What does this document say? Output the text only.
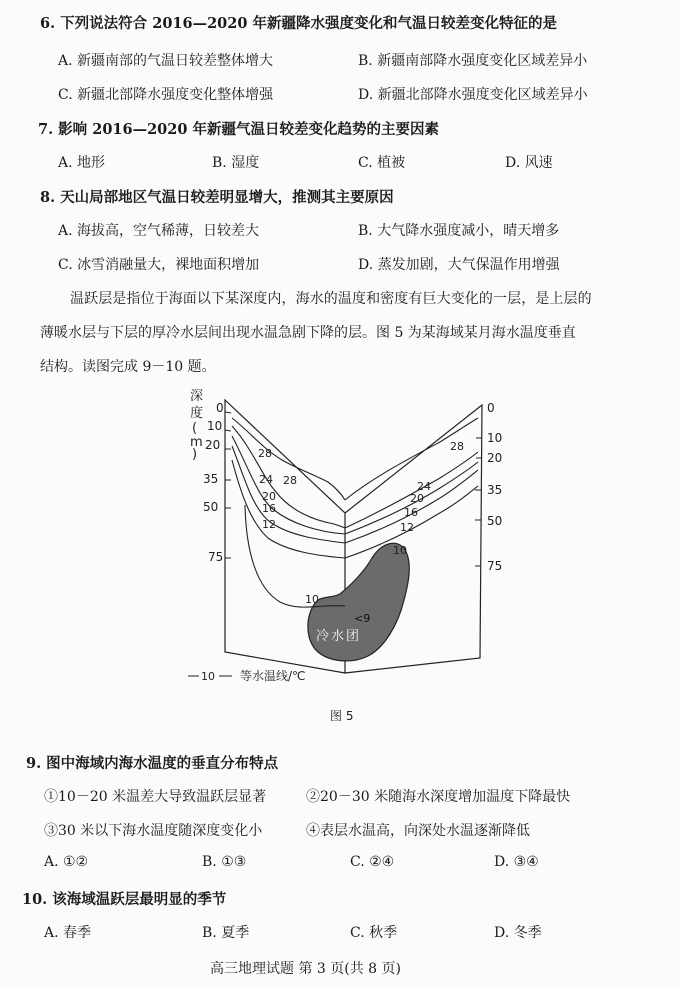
6. 下列说法符合 2016—2020 年新疆降水强度变化和气温日较差变化特征的是
A. 新疆南部的气温日较差整体增大	B. 新疆南部降水强度变化区域差异小
C. 新疆北部降水强度变化整体增强	D. 新疆北部降水强度变化区域差异小
7. 影响 2016—2020 年新疆气温日较差变化趋势的主要因素
A. 地形	B. 湿度	C. 植被	D. 风速
8. 天山局部地区气温日较差明显增大，推测其主要原因
A. 海拔高，空气稀薄，日较差大	B. 大气降水强度减小，晴天增多
C. 冰雪消融量大，裸地面积增加	D. 蒸发加剧，大气保温作用增强
温跃层是指位于海面以下某深度内，海水的温度和密度有巨大变化的一层，是上层的
薄暖水层与下层的厚冷水层间出现水温急剧下降的层。图 5 为某海域某月海水温度垂直
结构。读图完成 9－10 题。
深
度
(
m
)
0
10
20
35
50
75
0
10
20
35
50
75
28
28
24
20
16
12
10
28
24
20
16
12
10
<9
冷水团
10 等水温线/℃
图 5
9. 图中海域内海水温度的垂直分布特点
①10－20 米温差大导致温跃层显著	②20－30 米随海水深度增加温度下降最快
③30 米以下海水温度随深度变化小	④表层水温高，向深处水温逐渐降低
A. ①②	B. ①③	C. ②④	D. ③④
10. 该海域温跃层最明显的季节
A. 春季	B. 夏季	C. 秋季	D. 冬季
高三地理试题 第 3 页(共 8 页)
